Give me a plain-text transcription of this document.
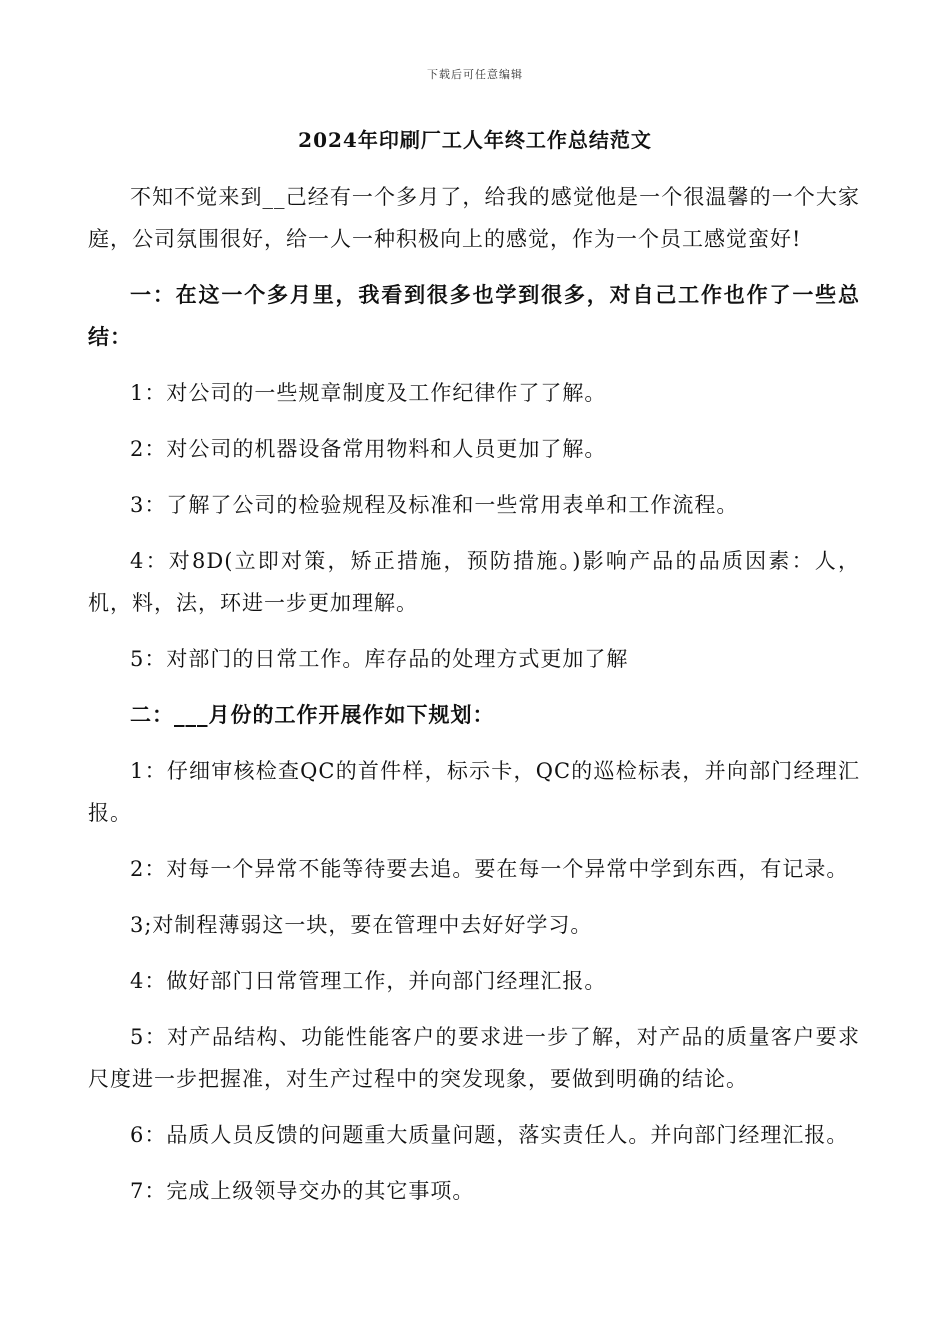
下载后可任意编辑
2024年印刷厂工人年终工作总结范文

不知不觉来到__己经有一个多月了，给我的感觉他是一个很温馨的一个大家庭，公司氛围很好，给一人一种积极向上的感觉，作为一个员工感觉蛮好!

一：在这一个多月里，我看到很多也学到很多，对自己工作也作了一些总结：

1：对公司的一些规章制度及工作纪律作了了解。

2：对公司的机器设备常用物料和人员更加了解。

3：了解了公司的检验规程及标准和一些常用表单和工作流程。

4：对8D(立即对策，矫正措施，预防措施。)影响产品的品质因素：人，机，料，法，环进一步更加理解。

5：对部门的日常工作。库存品的处理方式更加了解

二：___月份的工作开展作如下规划：

1：仔细审核检查QC的首件样，标示卡，QC的巡检标表，并向部门经理汇报。

2：对每一个异常不能等待要去追。要在每一个异常中学到东西，有记录。

3;对制程薄弱这一块，要在管理中去好好学习。

4：做好部门日常管理工作，并向部门经理汇报。

5：对产品结构、功能性能客户的要求进一步了解，对产品的质量客户要求尺度进一步把握准，对生产过程中的突发现象，要做到明确的结论。

6：品质人员反馈的问题重大质量问题，落实责任人。并向部门经理汇报。

7：完成上级领导交办的其它事项。
